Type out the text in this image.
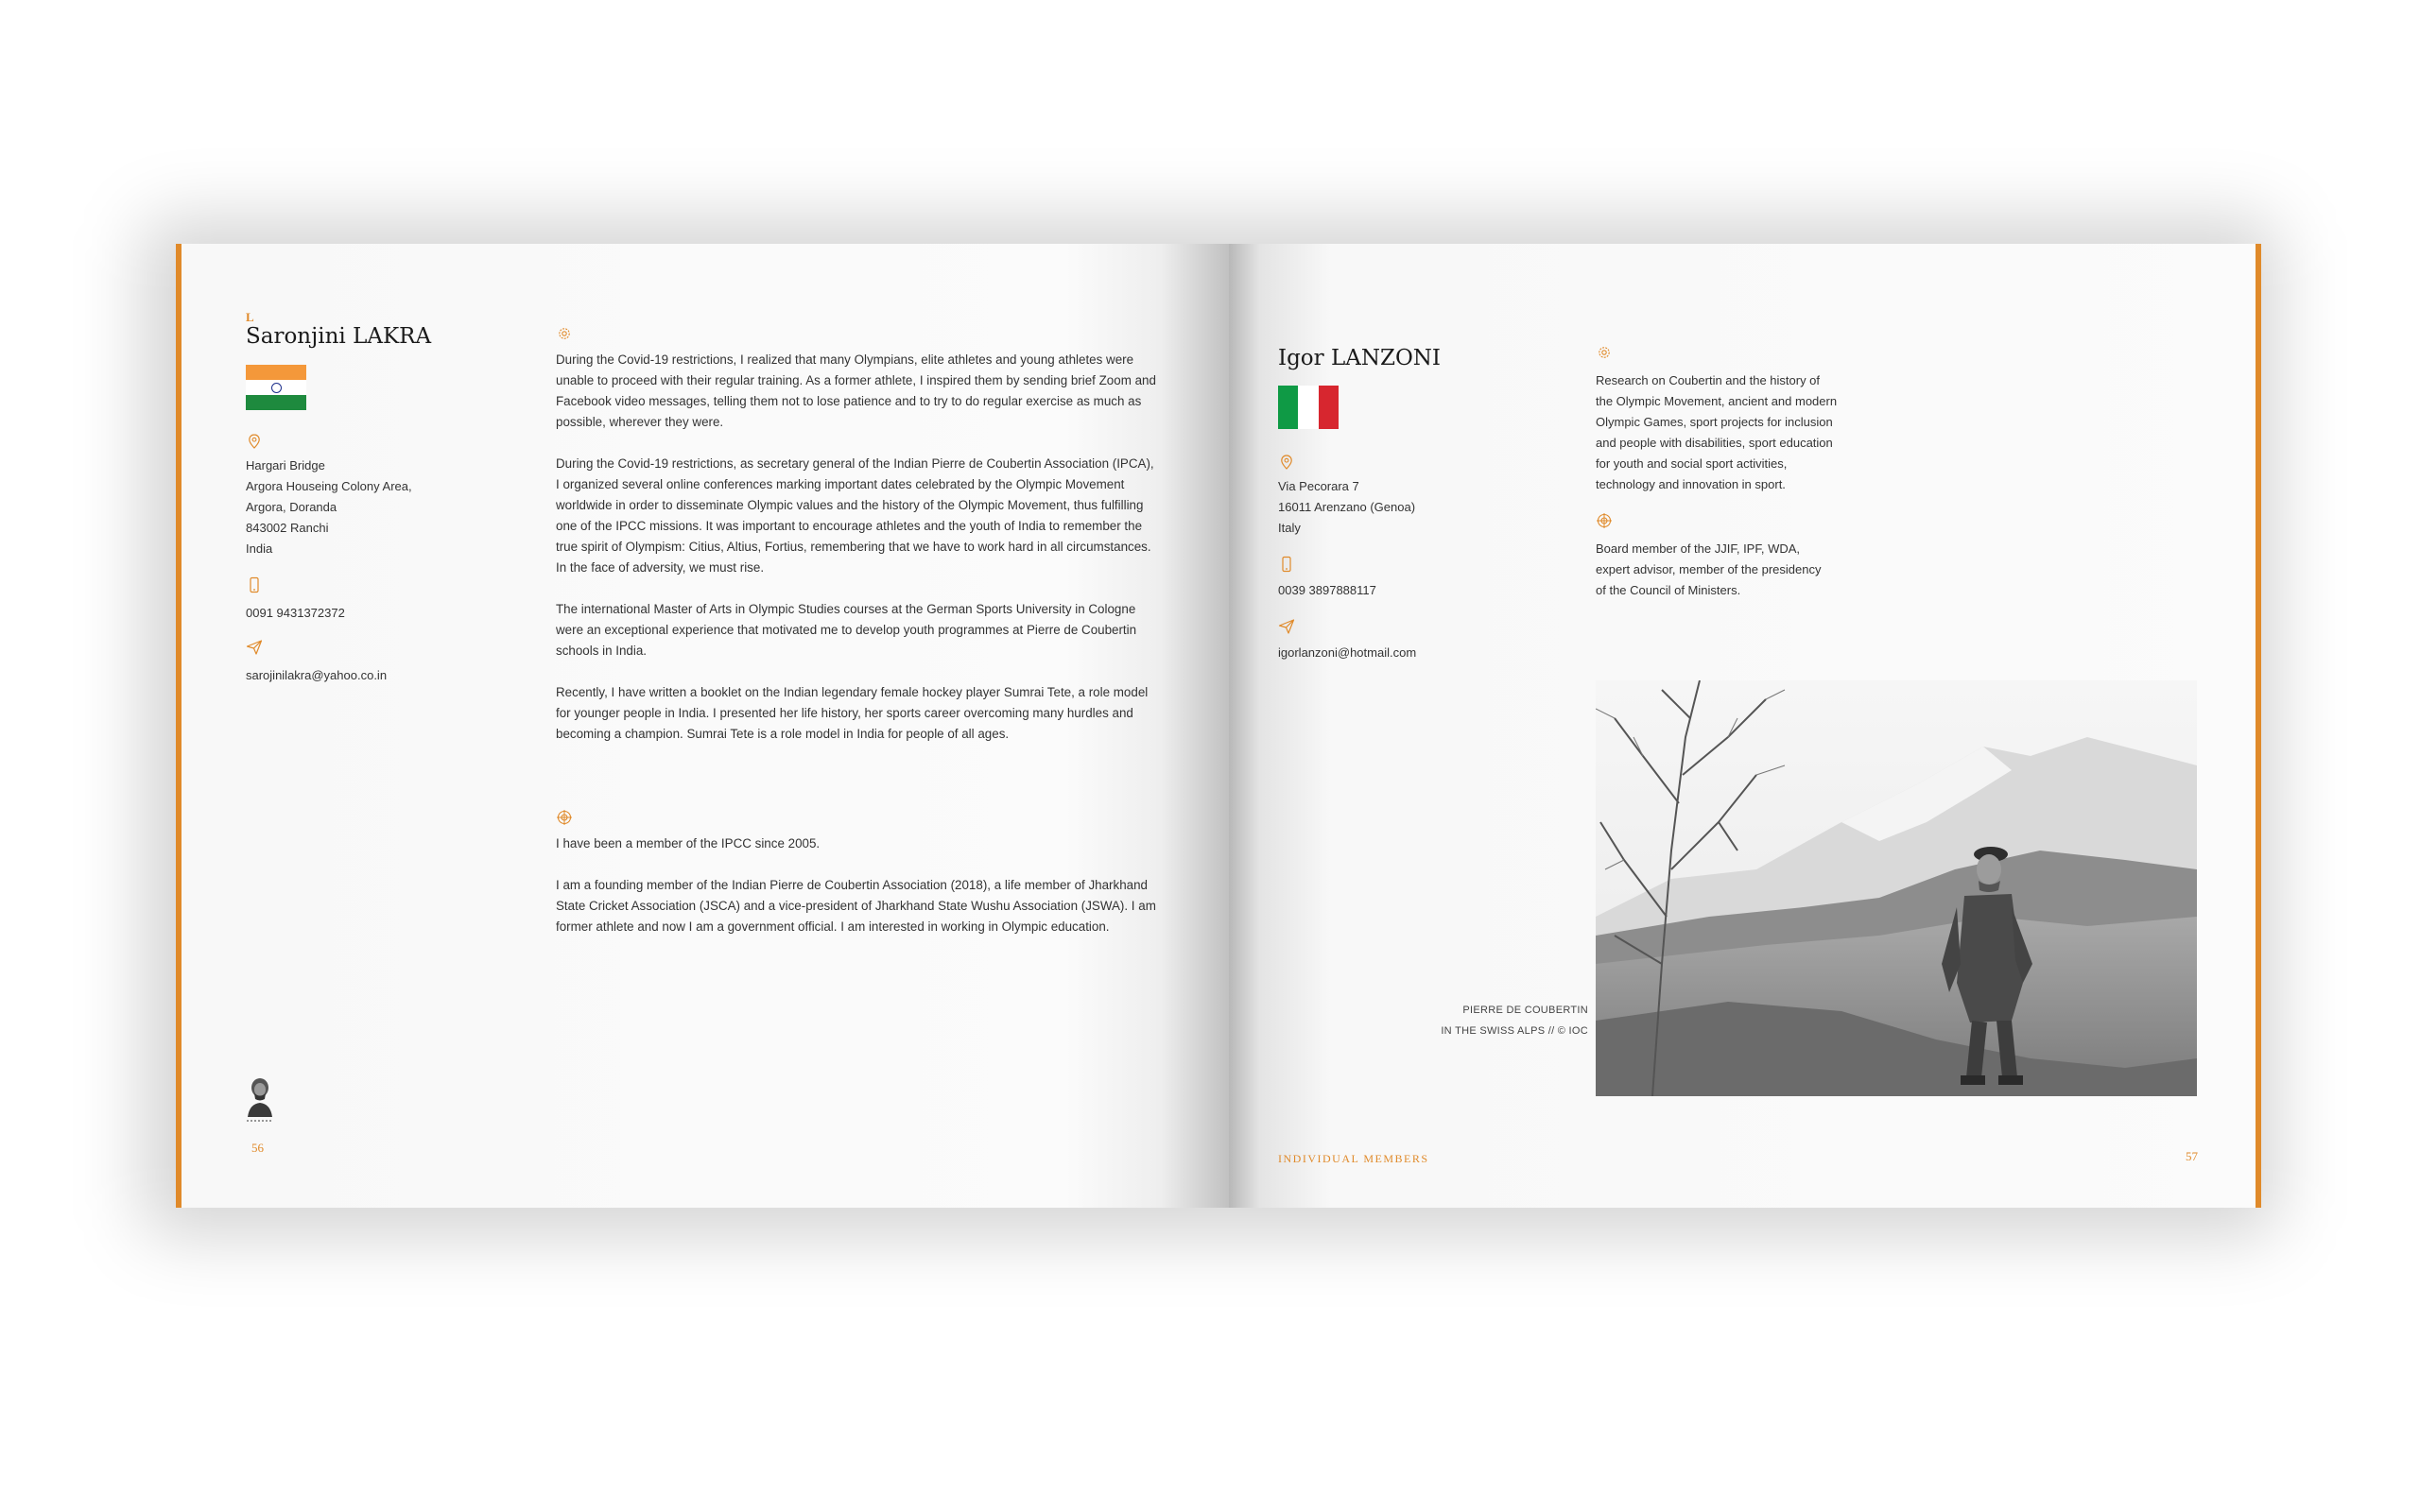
L
Saronjini LAKRA
Hargari Bridge
Argora Houseing Colony Area,
Argora, Doranda
843002 Ranchi
India
0091 9431372372
sarojinilakra@yahoo.co.in

During the Covid-19 restrictions, I realized that many Olympians, elite athletes and young athletes were unable to proceed with their regular training. As a former athlete, I inspired them by sending brief Zoom and Facebook video messages, telling them not to lose patience and to try to do regular exercise as much as possible, wherever they were.

During the Covid-19 restrictions, as secretary general of the Indian Pierre de Coubertin Association (IPCA), I organized several online conferences marking important dates celebrated by the Olympic Movement worldwide in order to disseminate Olympic values and the history of the Olympic Movement, thus fulfilling one of the IPCC missions. It was important to encourage athletes and the youth of India to remember the true spirit of Olympism: Citius, Altius, Fortius, remembering that we have to work hard in all circumstances. In the face of adversity, we must rise.

The international Master of Arts in Olympic Studies courses at the German Sports University in Cologne were an exceptional experience that motivated me to develop youth programmes at Pierre de Coubertin schools in India.

Recently, I have written a booklet on the Indian legendary female hockey player Sumrai Tete, a role model for younger people in India. I presented her life history, her sports career overcoming many hurdles and becoming a champion. Sumrai Tete is a role model in India for people of all ages.

I have been a member of the IPCC since 2005.

I am a founding member of the Indian Pierre de Coubertin Association (2018), a life member of Jharkhand State Cricket Association (JSCA) and a vice-president of Jharkhand State Wushu Association (JSWA). I am former athlete and now I am a government official. I am interested in working in Olympic education.

56
Igor LANZONI
Via Pecorara 7
16011 Arenzano (Genoa)
Italy
0039 3897888117
igorlanzoni@hotmail.com
Research on Coubertin and the history of
the Olympic Movement, ancient and modern
Olympic Games, sport projects for inclusion
and people with disabilities, sport education
for youth and social sport activities,
technology and innovation in sport.
Board member of the JJIF, IPF, WDA,
expert advisor, member of the presidency
of the Council of Ministers.
PIERRE DE COUBERTIN
IN THE SWISS ALPS // © IOC
INDIVIDUAL MEMBERS	57
